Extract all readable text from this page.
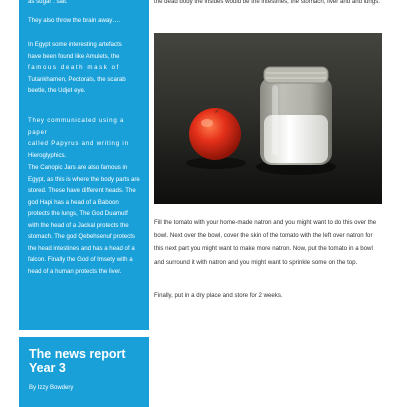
as sugar . salt.

They also throw the brain away….

In Egypt some interesting artefacts

have been found like Amulets, the

famous death mask of

Tutankhamen, Pectorals, the scarab

beetle, the Udjet eye.

They communicated using a paper

called Papyrus and writing in

Hieroglyphics.

The Canopic Jars are also famous in Egypt, as this is where the body parts are stored. These have different heads. The god Hapi has a head of a Baboon protects the lungs, The God Duamutf with the head of a Jackal protects the stomach. The god Qebehsenuf protects the head intestines and has a head of a falcon. Finally the God of Imsety with a head of a human protects the liver.

The news report Year 3

By Izzy Bowdery

the dead body the insides would be the intestines, the stomach, liver and and lungs.

Fill the tomato with your home-made natron and you might want to do this over the bowl. Next over the bowl, cover the skin of the tomato with the left over natron for this next part you might want to make more natron. Now, put the tomato in a bowl and surround it with natron and you might want to sprinkle some on the top.

Finally, put in a dry place and store for 2 weeks.
